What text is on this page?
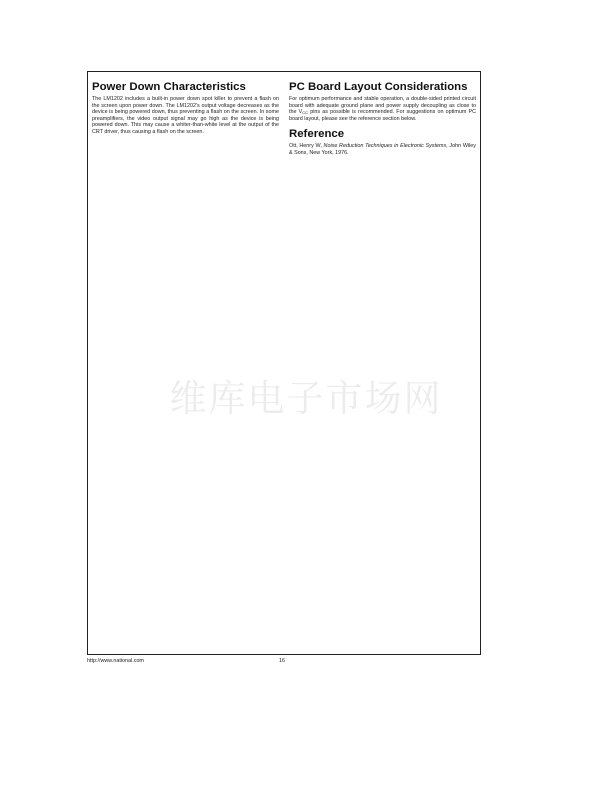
Power Down Characteristics

The LM1202 includes a built-in power down spot killer to prevent a flash on the screen upon power down. The LM1202's output voltage decreases as the device is being powered down, thus preventing a flash on the screen. In some preamplifiers, the video output signal may go high as the device is being powered down. This may cause a whiter-than-white level at the output of the CRT driver, thus causing a flash on the screen.

PC Board Layout Considerations

For optimum performance and stable operation, a double-sided printed circuit board with adequate ground plane and power supply decoupling as close to the $V_{CC}$ pins as possible is recommended. For suggestions on optimum PC board layout, please see the reference section below.

Reference

Ott, Henry W, Noise Reduction Techniques in Electronic Systems, John Wiley & Sons, New York, 1976.

维库电子市场网
http://www.national.com	16
